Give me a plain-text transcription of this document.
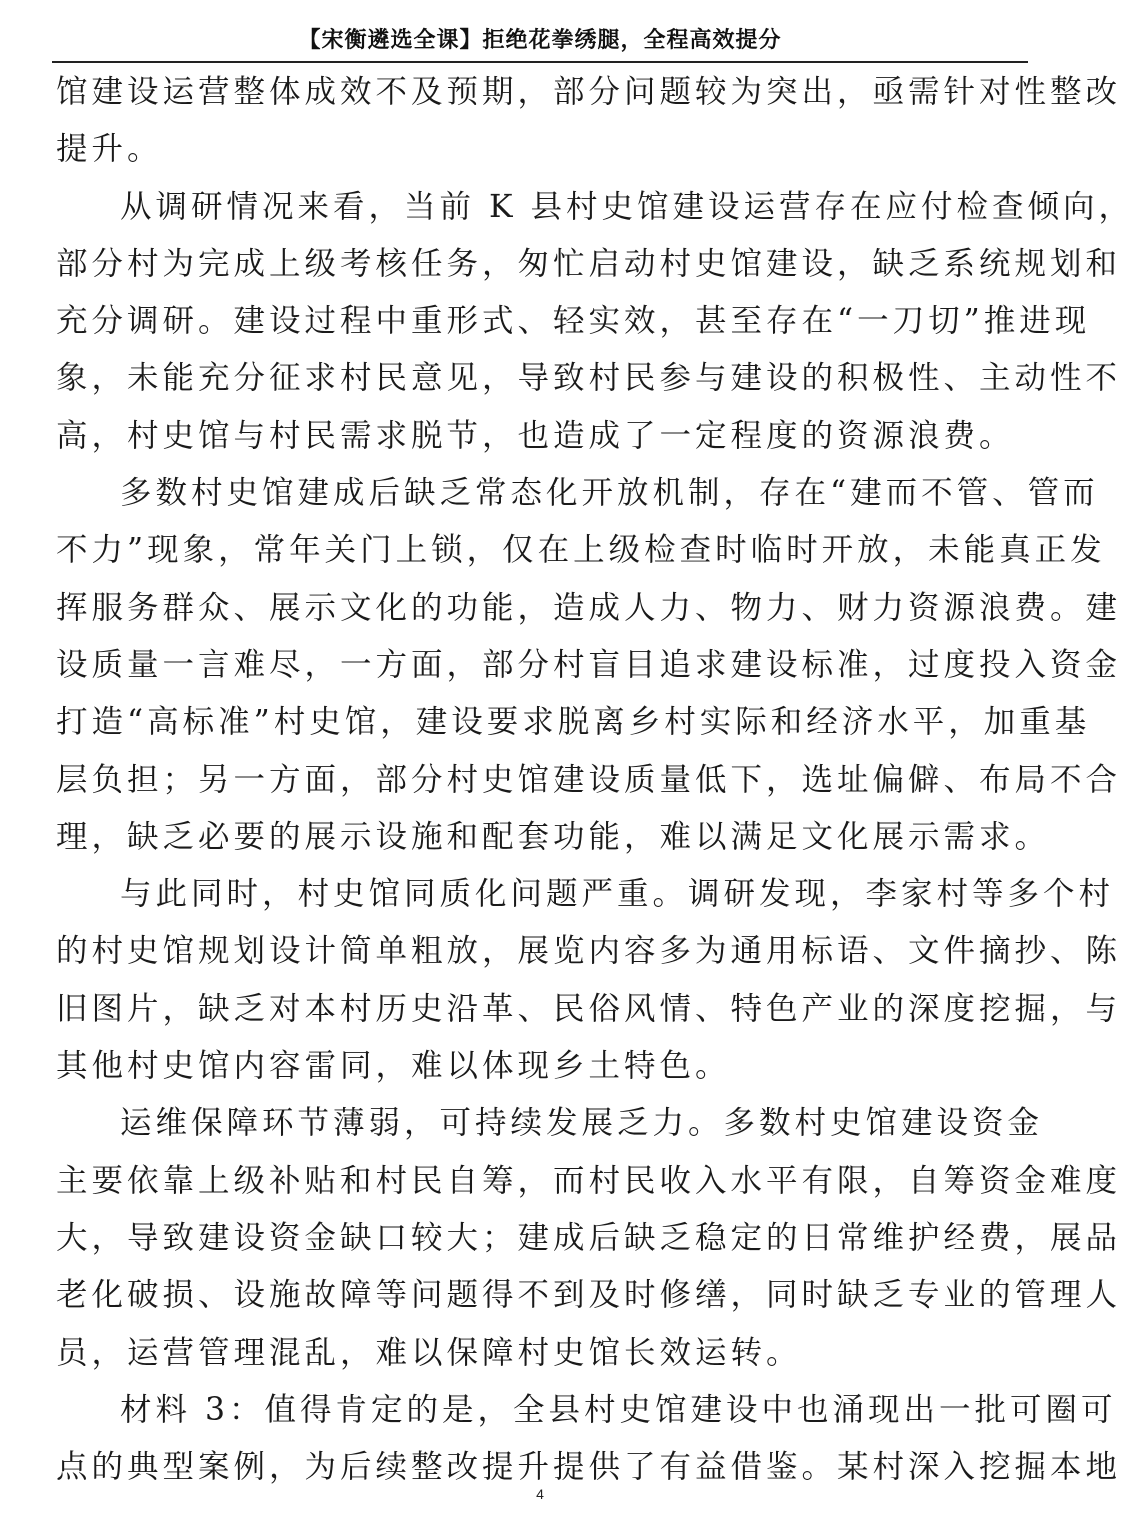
【宋衡遴选全课】拒绝花拳绣腿，全程高效提分
馆建设运营整体成效不及预期，部分问题较为突出，亟需针对性整改
提升。
从调研情况来看，当前 K 县村史馆建设运营存在应付检查倾向，
部分村为完成上级考核任务，匆忙启动村史馆建设，缺乏系统规划和
充分调研。建设过程中重形式、轻实效，甚至存在“一刀切”推进现
象，未能充分征求村民意见，导致村民参与建设的积极性、主动性不
高，村史馆与村民需求脱节，也造成了一定程度的资源浪费。
多数村史馆建成后缺乏常态化开放机制，存在“建而不管、管而
不力”现象，常年关门上锁，仅在上级检查时临时开放，未能真正发
挥服务群众、展示文化的功能，造成人力、物力、财力资源浪费。建
设质量一言难尽，一方面，部分村盲目追求建设标准，过度投入资金
打造“高标准”村史馆，建设要求脱离乡村实际和经济水平，加重基
层负担；另一方面，部分村史馆建设质量低下，选址偏僻、布局不合
理，缺乏必要的展示设施和配套功能，难以满足文化展示需求。
与此同时，村史馆同质化问题严重。调研发现，李家村等多个村
的村史馆规划设计简单粗放，展览内容多为通用标语、文件摘抄、陈
旧图片，缺乏对本村历史沿革、民俗风情、特色产业的深度挖掘，与
其他村史馆内容雷同，难以体现乡土特色。
运维保障环节薄弱，可持续发展乏力。多数村史馆建设资金
主要依靠上级补贴和村民自筹，而村民收入水平有限，自筹资金难度
大，导致建设资金缺口较大；建成后缺乏稳定的日常维护经费，展品
老化破损、设施故障等问题得不到及时修缮，同时缺乏专业的管理人
员，运营管理混乱，难以保障村史馆长效运转。
材料 3：值得肯定的是，全县村史馆建设中也涌现出一批可圈可
点的典型案例，为后续整改提升提供了有益借鉴。某村深入挖掘本地
4
